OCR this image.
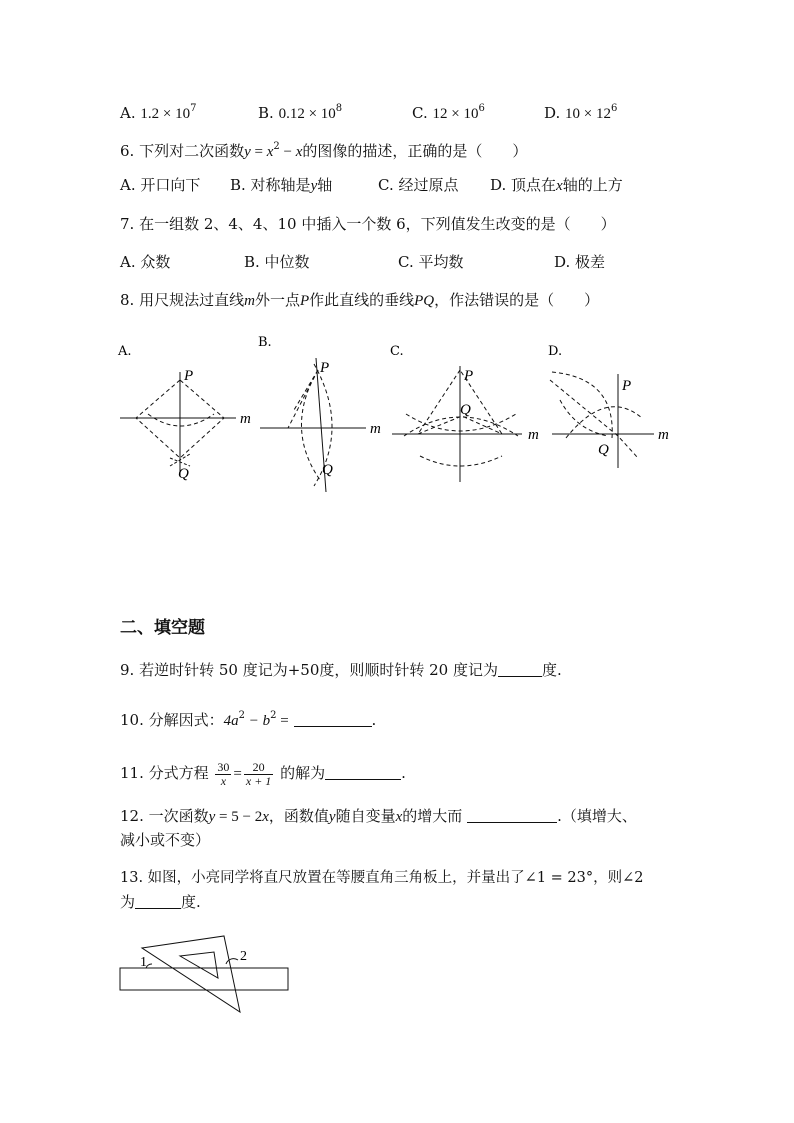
A. $1.2 \times 10^7$	B. $0.12 \times 10^8$	C. $12 \times 10^6$	D. $10 \times 12^6$
6. 下列对二次函数$y = x^2 - x$的图像的描述，正确的是（　　）
A. 开口向下 B. 对称轴是y轴	C. 经过原点 D. 顶点在x轴的上方
7. 在一组数 2、4、4、10 中插入一个数 6，下列值发生改变的是（　　）
A. 众数	B. 中位数	C. 平均数	D. 极差
8. 用尺规法过直线m外一点P作此直线的垂线PQ，作法错误的是（　　）
A.
P
Q
m
B.
P
Q
m
C.
P
Q
m
D.
P
Q
m
二、填空题
9. 若逆时针转 50 度记为+50度，则顺时针转 20 度记为	度.
10. 分解因式：$4a^2 - b^2$ =	.
11. 分式方程 $\frac{30}{x} = \frac{20}{x + 1}$ 的解为	.
12. 一次函数y = 5 − 2x，函数值y随自变量x的增大而	.（填增大、
减小或不变）
13. 如图，小亮同学将直尺放置在等腰直角三角板上，并量出了∠1 = 23°，则∠2
为	度.
1	2
